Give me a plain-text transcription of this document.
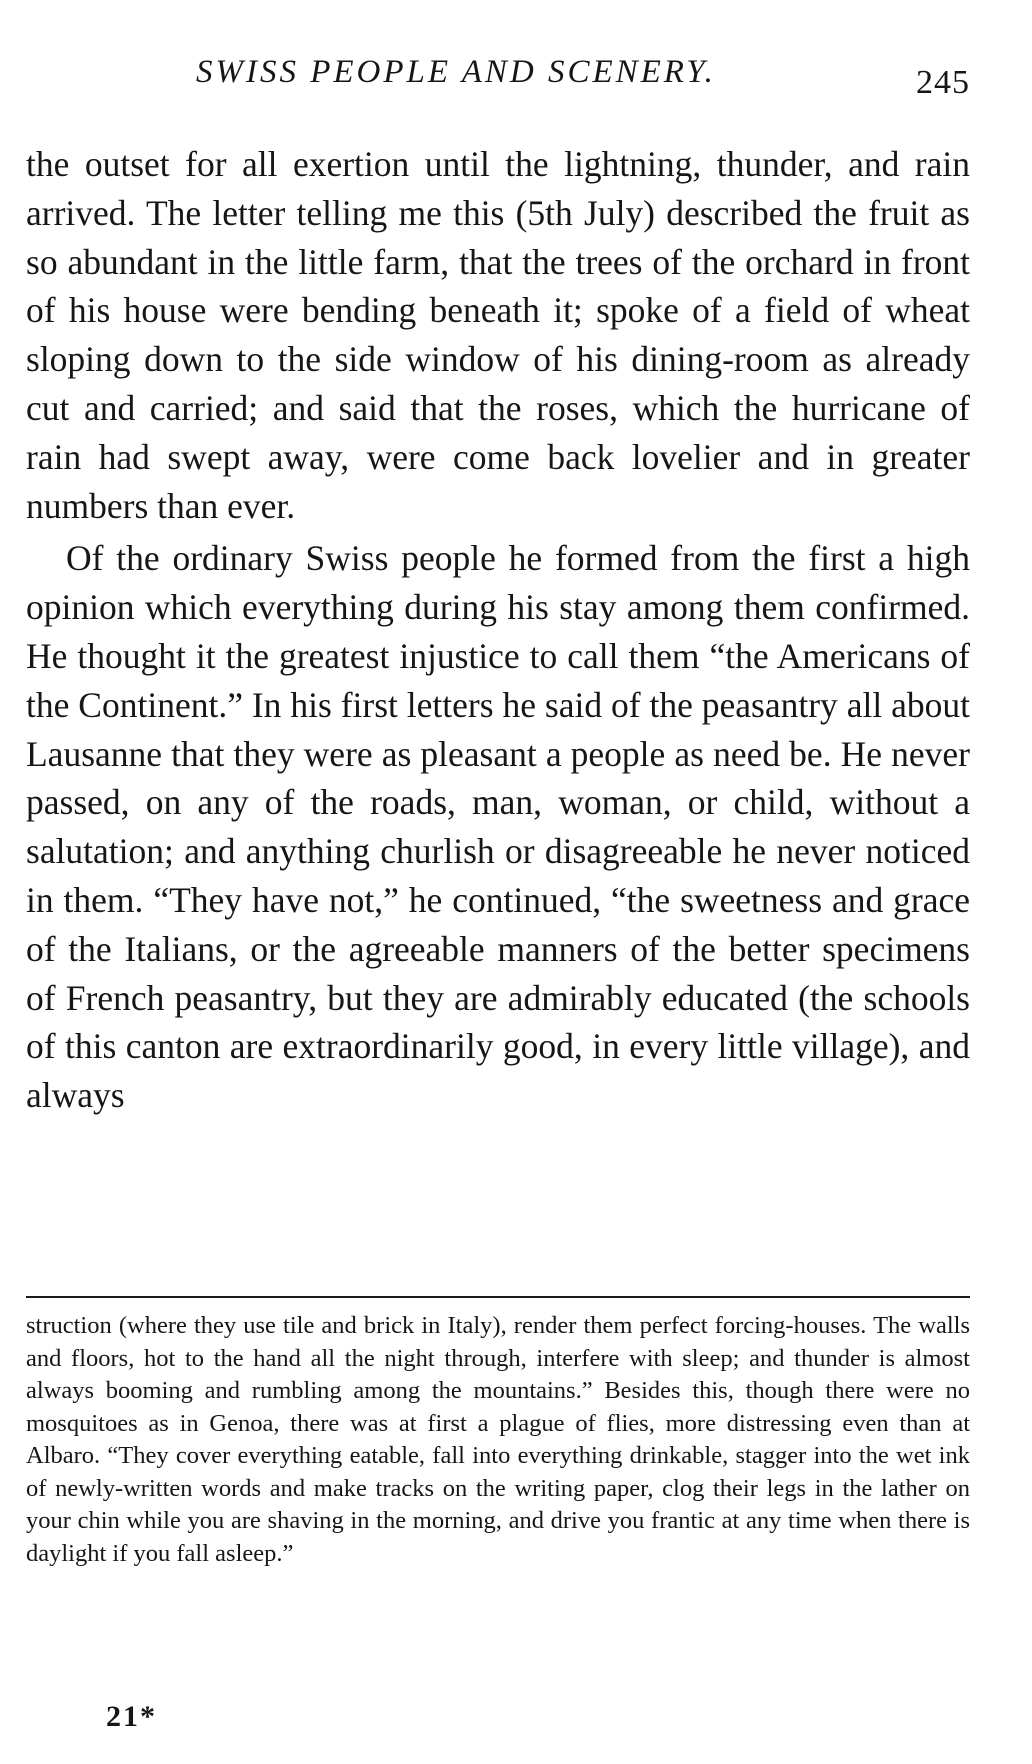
SWISS PEOPLE AND SCENERY.	245

the outset for all exertion until the lightning, thunder, and rain arrived. The letter telling me this (5th July) described the fruit as so abundant in the little farm, that the trees of the orchard in front of his house were bending beneath it; spoke of a field of wheat sloping down to the side window of his dining-room as already cut and carried; and said that the roses, which the hurricane of rain had swept away, were come back lovelier and in greater numbers than ever.

Of the ordinary Swiss people he formed from the first a high opinion which everything during his stay among them confirmed. He thought it the greatest injustice to call them “the Americans of the Continent.” In his first letters he said of the peasantry all about Lausanne that they were as pleasant a people as need be. He never passed, on any of the roads, man, woman, or child, without a salutation; and anything churlish or disagreeable he never noticed in them. “They have not,” he continued, “the sweetness and grace of the Italians, or the agreeable manners of the better specimens of French peasantry, but they are admirably educated (the schools of this canton are extraordinarily good, in every little village), and always

struction (where they use tile and brick in Italy), render them perfect forcing-houses. The walls and floors, hot to the hand all the night through, interfere with sleep; and thunder is almost always booming and rumbling among the mountains.” Besides this, though there were no mosquitoes as in Genoa, there was at first a plague of flies, more distressing even than at Albaro. “They cover everything eatable, fall into everything drinkable, stagger into the wet ink of newly-written words and make tracks on the writing paper, clog their legs in the lather on your chin while you are shaving in the morning, and drive you frantic at any time when there is daylight if you fall asleep.”

21*
